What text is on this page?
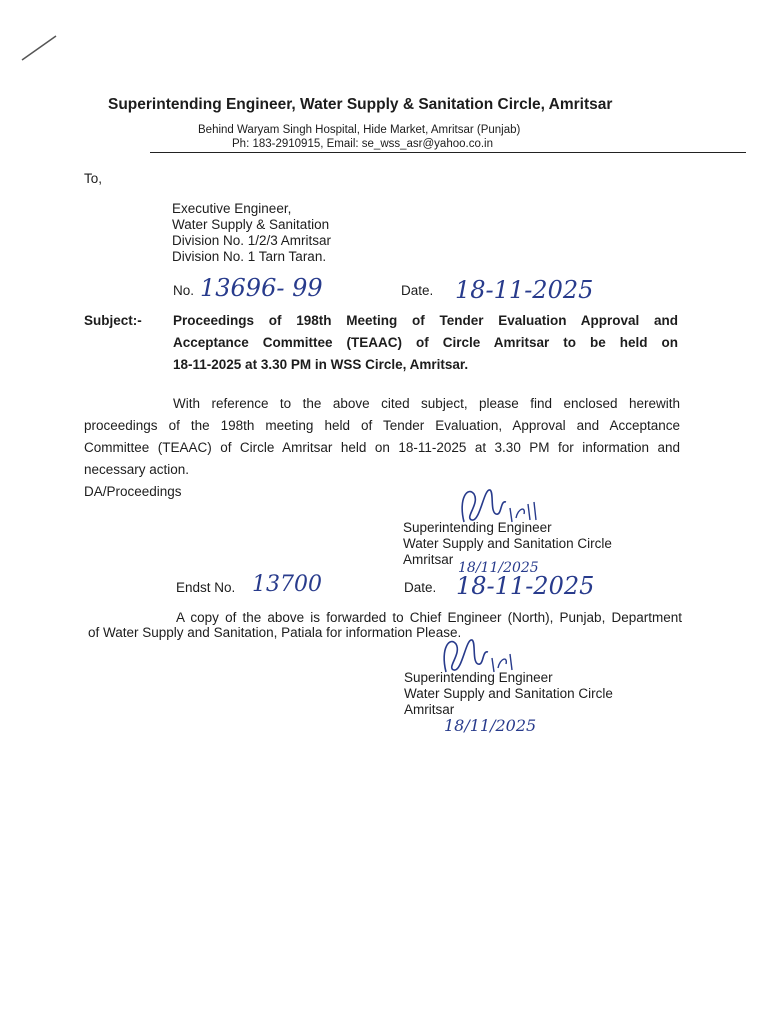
Superintending Engineer, Water Supply & Sanitation Circle, Amritsar
Behind Waryam Singh Hospital, Hide Market, Amritsar (Punjab)
Ph: 183-2910915, Email: se_wss_asr@yahoo.co.in
To,
Executive Engineer,
Water Supply & Sanitation
Division No. 1/2/3 Amritsar
Division No. 1 Tarn Taran.
No. 13696- 99	Date. 18-11-2025
Subject:- Proceedings of 198th Meeting of Tender Evaluation Approval and
Acceptance Committee (TEAAC) of Circle Amritsar to be held on
18-11-2025 at 3.30 PM in WSS Circle, Amritsar.
With reference to the above cited subject, please find enclosed herewith
proceedings of the 198th meeting held of Tender Evaluation, Approval and Acceptance
Committee (TEAAC) of Circle Amritsar held on 18-11-2025 at 3.30 PM for information and
necessary action.
DA/Proceedings
Superintending Engineer
Water Supply and Sanitation Circle
Amritsar
18/11/2025
Endst No. 13700	Date. 18-11-2025
A copy of the above is forwarded to Chief Engineer (North), Punjab, Department
of Water Supply and Sanitation, Patiala for information Please.
Superintending Engineer
Water Supply and Sanitation Circle
Amritsar
18/11/2025
